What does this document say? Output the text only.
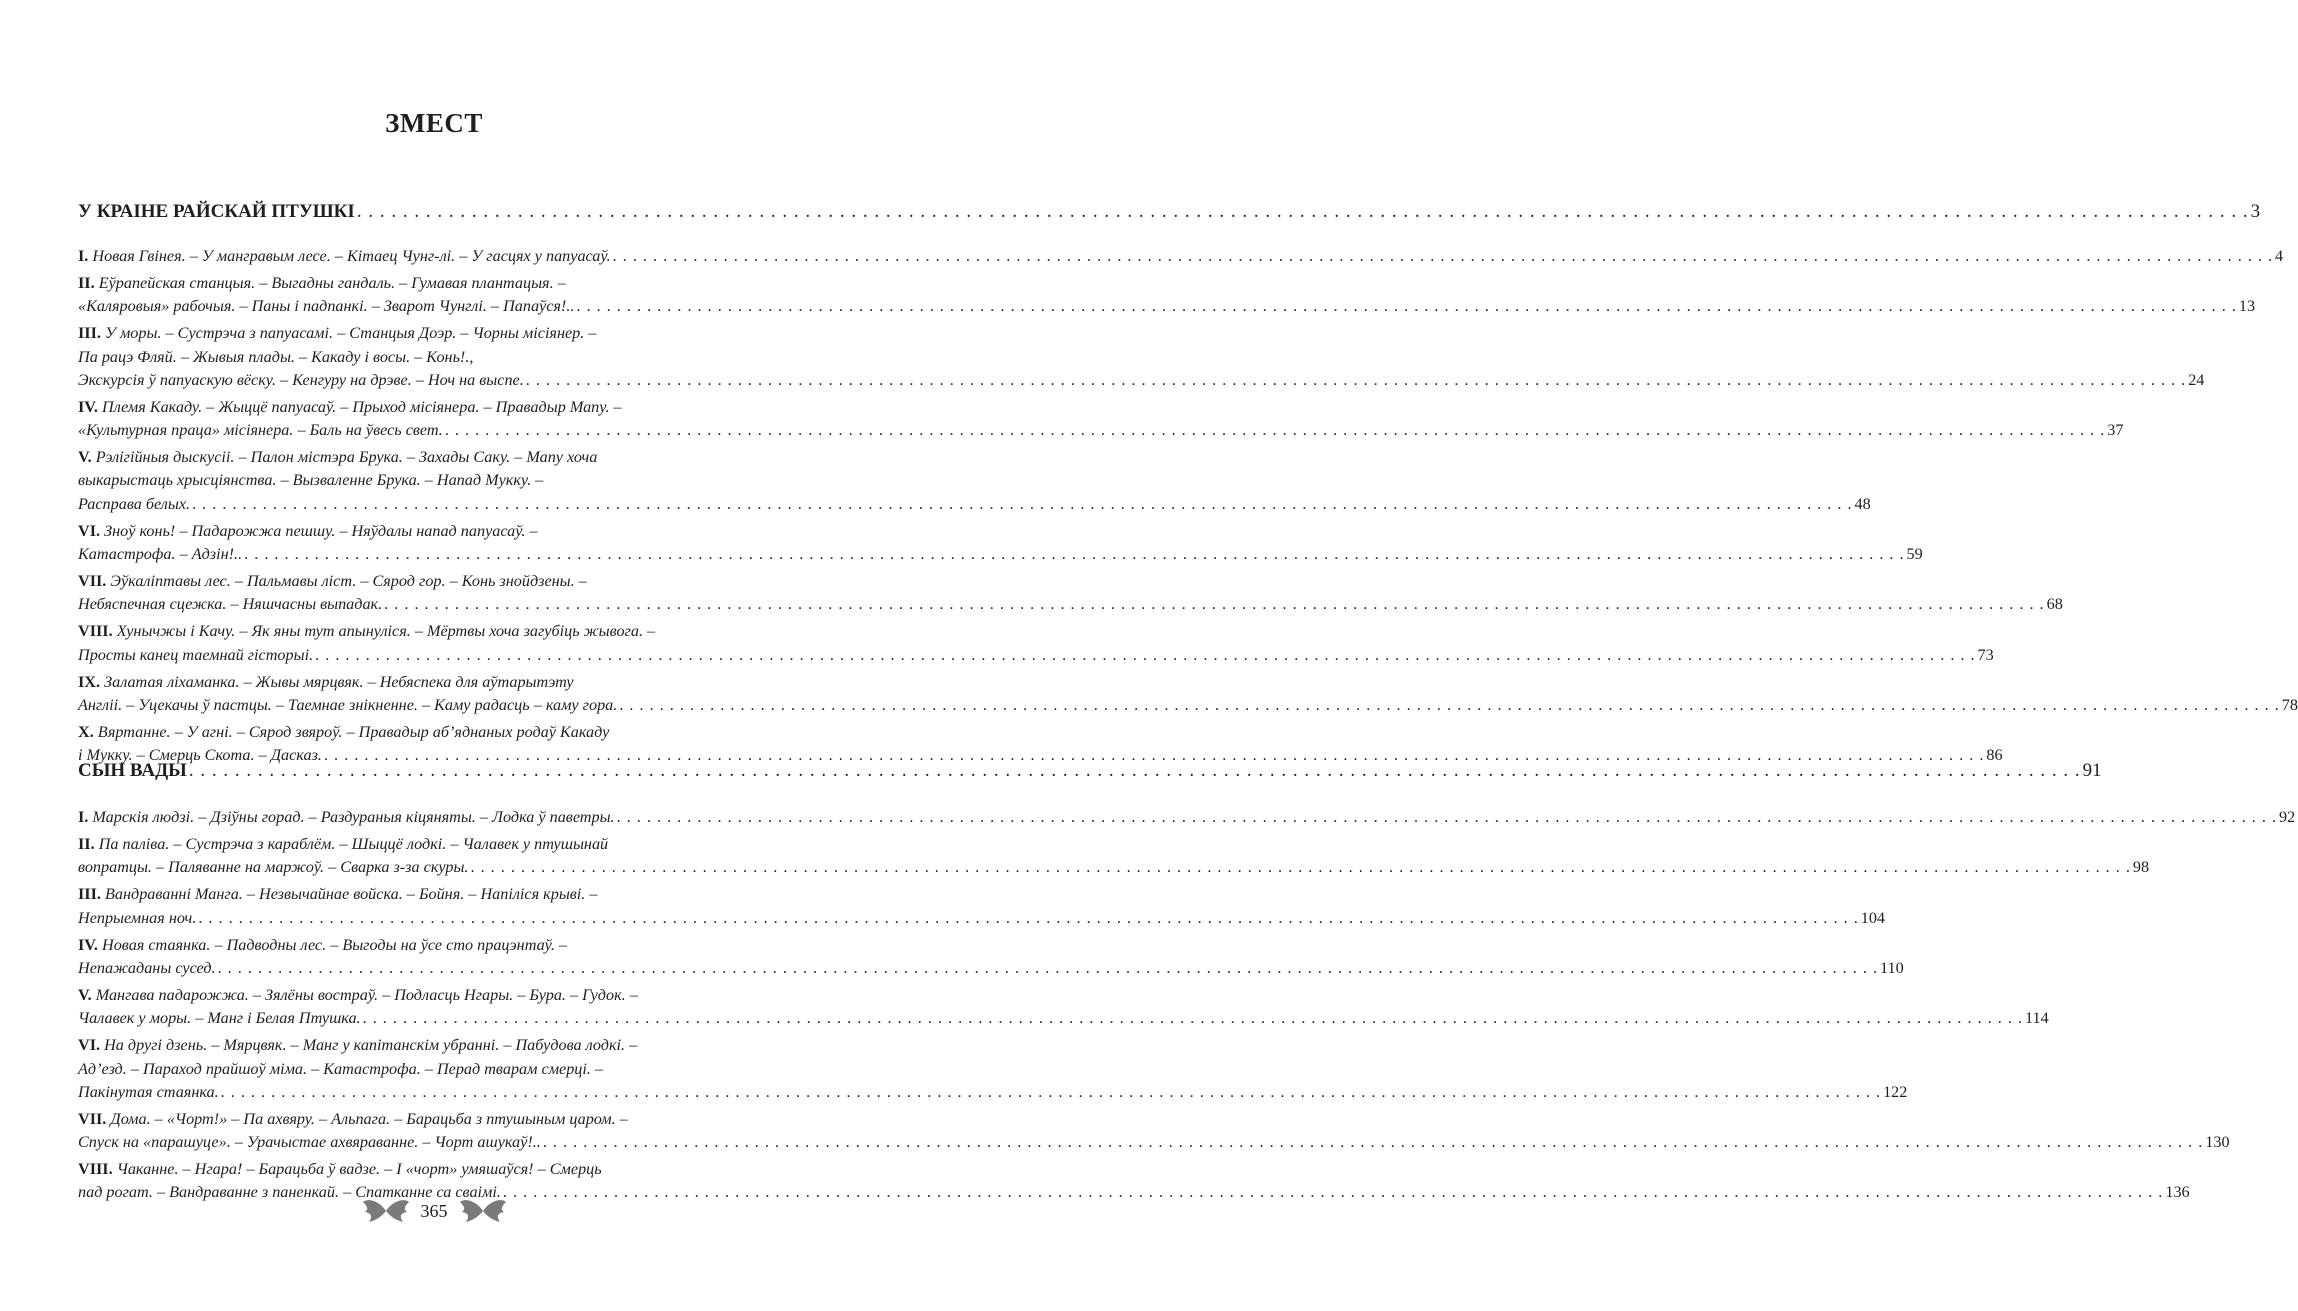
ЗМЕСТ
У КРАІНЕ РАЙСКАЙ ПТУШКІ . . .	3
I.
Новая Гвінея. – У мангравым лесе. – Кітаец Чунг-лі. – У гасцях у папуасаў. . . .	4
II.
Еўрапейская станцыя. – Выгадны гандаль. – Гумавая плантацыя. –
«Каляровыя» рабочыя. – Паны і падпанкі. – Зварот Чунглі. – Папаўся!.. . . .	13
III.
У моры. – Сустрэча з папуасамі. – Станцыя Доэр. – Чорны місіянер. –
Па рацэ Фляй. – Жывыя плады. – Какаду і восы. – Конь!.,
Экскурсія ў папуаскую вёску. – Кенгуру на дрэве. – Ноч на выспе. . . .	24
IV.
Племя Какаду. – Жыццё папуасаў. – Прыход місіянера. – Правадыр Мапу. –
«Культурная праца» місіянера. – Баль на ўвесь свет. . . .	37
V.
Рэлігійныя дыскусіі. – Палон містэра Брука. – Захады Саку. – Мапу хоча
выкарыстаць хрысціянства. – Вызваленне Брука. – Напад Мукку. –
Расправа белых. . . .	48
VI.
Зноў конь! – Падарожжа пешшу. – Няўдалы напад папуасаў. –
Катастрофа. – Адзін!.. . . .	59
VII.
Эўкаліптавы лес. – Пальмавы ліст. – Сярод гор. – Конь знойдзены. –
Небяспечная сцежка. – Няшчасны выпадак. . . .	68
VIII.
Хунычжы і Качу. – Як яны тут апынуліся. – Мёртвы хоча загубіць жывога. –
Просты канец таемнай гісторыі. . . .	73
IX.
Залатая ліхаманка. – Жывы мярцвяк. – Небяспека для аўтарытэту
Англіі. – Уцекачы ў пастцы. – Таемнае знікненне. – Каму радасць – каму гора. . . .	78
X.
Вяртанне. – У агні. – Сярод звяроў. – Правадыр аб’яднаных родаў Какаду
і Мукку. – Смерць Скота. – Дасказ. . . .	86
СЫН ВАДЫ . . .	91
I.
Марскія людзі. – Дзіўны горад. – Раздураныя кіцяняты. – Лодка ў паветры. . . .	92
II.
Па паліва. – Сустрэча з караблём. – Шыццё лодкі. – Чалавек у птушынай
вопратцы. – Паляванне на маржоў. – Сварка з-за скуры. . . .	98
III.
Вандраванні Манга. – Незвычайнае войска. – Бойня. – Напіліся крыві. –
Непрыемная ноч. . . .	104
IV.
Новая стаянка. – Падводны лес. – Выгоды на ўсе сто працэнтаў. –
Непажаданы сусед. . . .	110
V.
Мангава падарожжа. – Зялёны востраў. – Подласць Нгары. – Бура. – Гудок. –
Чалавек у моры. – Манг і Белая Птушка. . . .	114
VI.
На другі дзень. – Мярцвяк. – Манг у капітанскім убранні. – Пабудова лодкі. –
Ад’езд. – Параход прайшоў міма. – Катастрофа. – Перад тварам смерці. –
Пакінутая стаянка. . . .	122
VII.
Дома. – «Чорт!» – Па ахвяру. – Альпага. – Барацьба з птушыным царом. –
Спуск на «парашуце». – Урачыстае ахвяраванне. – Чорт ашукаў!.. . . .	130
VIII.
Чаканне. – Нгара! – Барацьба ў вадзе. – І «чорт» умяшаўся! – Смерць
пад рогат. – Вандраванне з паненкай. – Спатканне са сваімі. . . .	136
365
